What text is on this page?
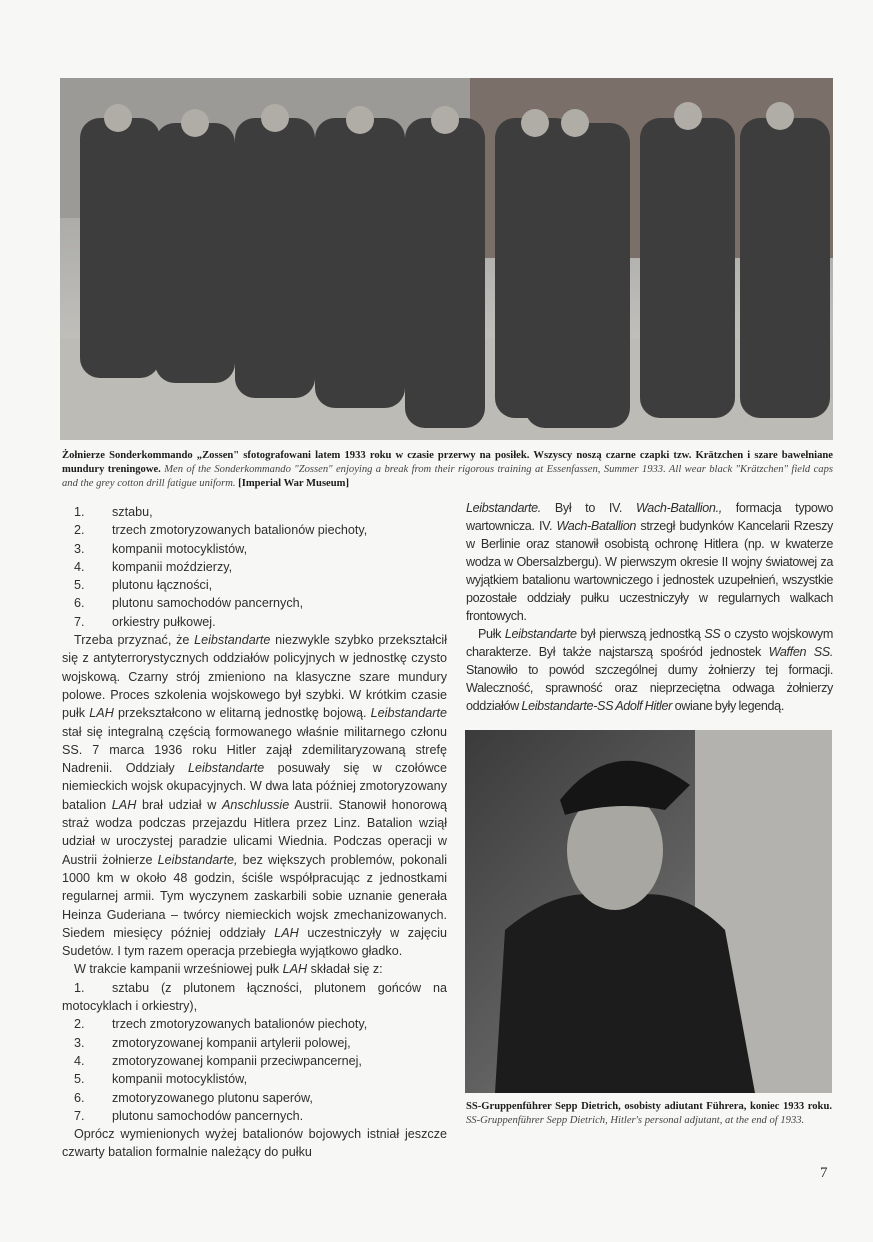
Żołnierze Sonderkommando „Zossen" sfotografowani latem 1933 roku w czasie przerwy na posiłek. Wszyscy noszą czarne czapki tzw. Krätzchen i szare bawełniane mundury treningowe. Men of the Sonderkommando "Zossen" enjoying a break from their rigorous training at Essenfassen, Summer 1933. All wear black "Krätzchen" field caps and the grey cotton drill fatigue uniform. [Imperial War Museum]
1.	sztabu,
2.	trzech zmotoryzowanych batalionów piechoty,
3.	kompanii motocyklistów,
4.	kompanii moździerzy,
5.	plutonu łączności,
6.	plutonu samochodów pancernych,
7.	orkiestry pułkowej.

Trzeba przyznać, że Leibstandarte niezwykle szybko przekształcił się z antyterrorystycznych oddziałów policyjnych w jednostkę czysto wojskową. Czarny strój zmieniono na klasyczne szare mundury polowe. Proces szkolenia wojskowego był szybki. W krótkim czasie pułk LAH przekształcono w elitarną jednostkę bojową. Leibstandarte stał się integralną częścią formowanego właśnie militarnego członu SS. 7 marca 1936 roku Hitler zajął zdemilitaryzowaną strefę Nadrenii. Oddziały Leibstandarte posuwały się w czołówce niemieckich wojsk okupacyjnych. W dwa lata później zmotoryzowany batalion LAH brał udział w Anschlussie Austrii. Stanowił honorową straż wodza podczas przejazdu Hitlera przez Linz. Batalion wziął udział w uroczystej paradzie ulicami Wiednia. Podczas operacji w Austrii żołnierze Leibstandarte, bez większych problemów, pokonali 1000 km w około 48 godzin, ściśle współpracując z jednostkami regularnej armii. Tym wyczynem zaskarbili sobie uznanie generała Heinza Guderiana – twórcy niemieckich wojsk zmechanizowanych. Siedem miesięcy później oddziały LAH uczestniczyły w zajęciu Sudetów. I tym razem operacja przebiegła wyjątkowo gładko.

W trakcie kampanii wrześniowej pułk LAH składał się z:

1. sztabu (z plutonem łączności, plutonem gońców na motocyklach i orkiestry),
2.	trzech zmotoryzowanych batalionów piechoty,
3.	zmotoryzowanej kompanii artylerii polowej,
4.	zmotoryzowanej kompanii przeciwpancernej,
5.	kompanii motocyklistów,
6.	zmotoryzowanego plutonu saperów,
7.	plutonu samochodów pancernych.

Oprócz wymienionych wyżej batalionów bojowych istniał jeszcze czwarty batalion formalnie należący do pułku

Leibstandarte. Był to IV. Wach-Batallion., formacja typowo wartownicza. IV. Wach-Batallion strzegł budynków Kancelarii Rzeszy w Berlinie oraz stanowił osobistą ochronę Hitlera (np. w kwaterze wodza w Obersalzbergu). W pierwszym okresie II wojny światowej za wyjątkiem batalionu wartowniczego i jednostek uzupełnień, wszystkie pozostałe oddziały pułku uczestniczyły w regularnych walkach frontowych.

Pułk Leibstandarte był pierwszą jednostką SS o czysto wojskowym charakterze. Był także najstarszą spośród jednostek Waffen SS. Stanowiło to powód szczególnej dumy żołnierzy tej formacji. Waleczność, sprawność oraz nieprzeciętna odwaga żołnierzy oddziałów Leibstandarte-SS Adolf Hitler owiane były legendą.

SS-Gruppenführer Sepp Dietrich, osobisty adiutant Führera, koniec 1933 roku. SS-Gruppenführer Sepp Dietrich, Hitler's personal adjutant, at the end of 1933.
7
